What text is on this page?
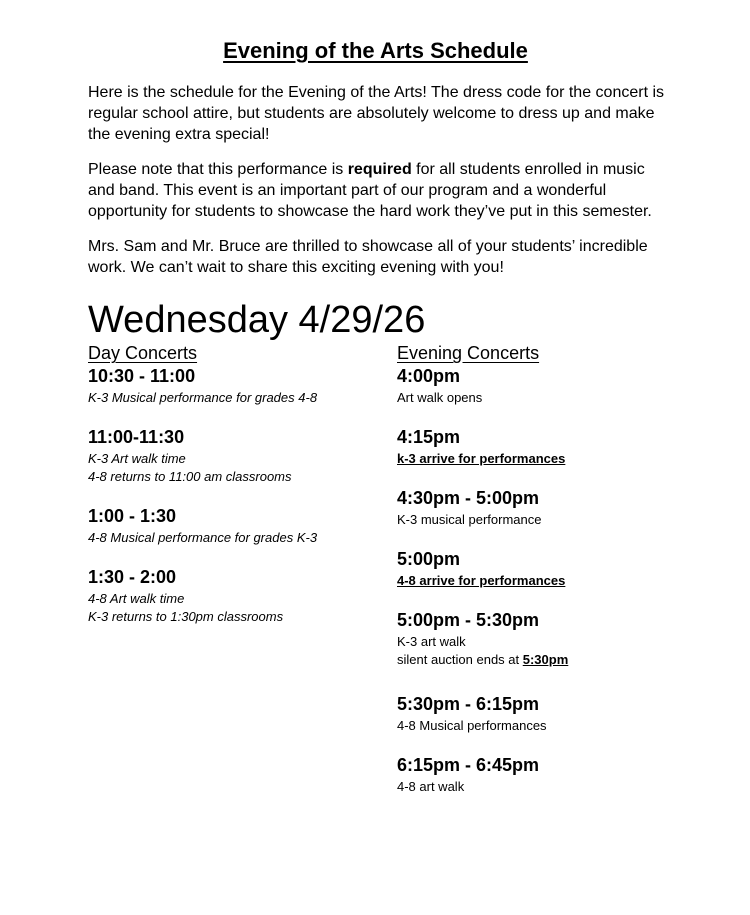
Evening of the Arts Schedule

Here is the schedule for the Evening of the Arts! The dress code for the concert is regular school attire, but students are absolutely welcome to dress up and make the evening extra special!

Please note that this performance is required for all students enrolled in music and band. This event is an important part of our program and a wonderful opportunity for students to showcase the hard work they’ve put in this semester.

Mrs. Sam and Mr. Bruce are thrilled to showcase all of your students’ incredible work. We can’t wait to share this exciting evening with you!

Wednesday 4/29/26
Day Concerts
10:30 - 11:00
K-3 Musical performance for grades 4-8
11:00-11:30
K-3 Art walk time
4-8 returns to 11:00 am classrooms
1:00 - 1:30
4-8 Musical performance for grades K-3
1:30 - 2:00
4-8 Art walk time
K-3 returns to 1:30pm classrooms
Evening Concerts
4:00pm
Art walk opens
4:15pm
k-3 arrive for performances
4:30pm - 5:00pm
K-3 musical performance
5:00pm
4-8 arrive for performances
5:00pm - 5:30pm
K-3 art walk
silent auction ends at 5:30pm
5:30pm - 6:15pm
4-8 Musical performances
6:15pm - 6:45pm
4-8 art walk
